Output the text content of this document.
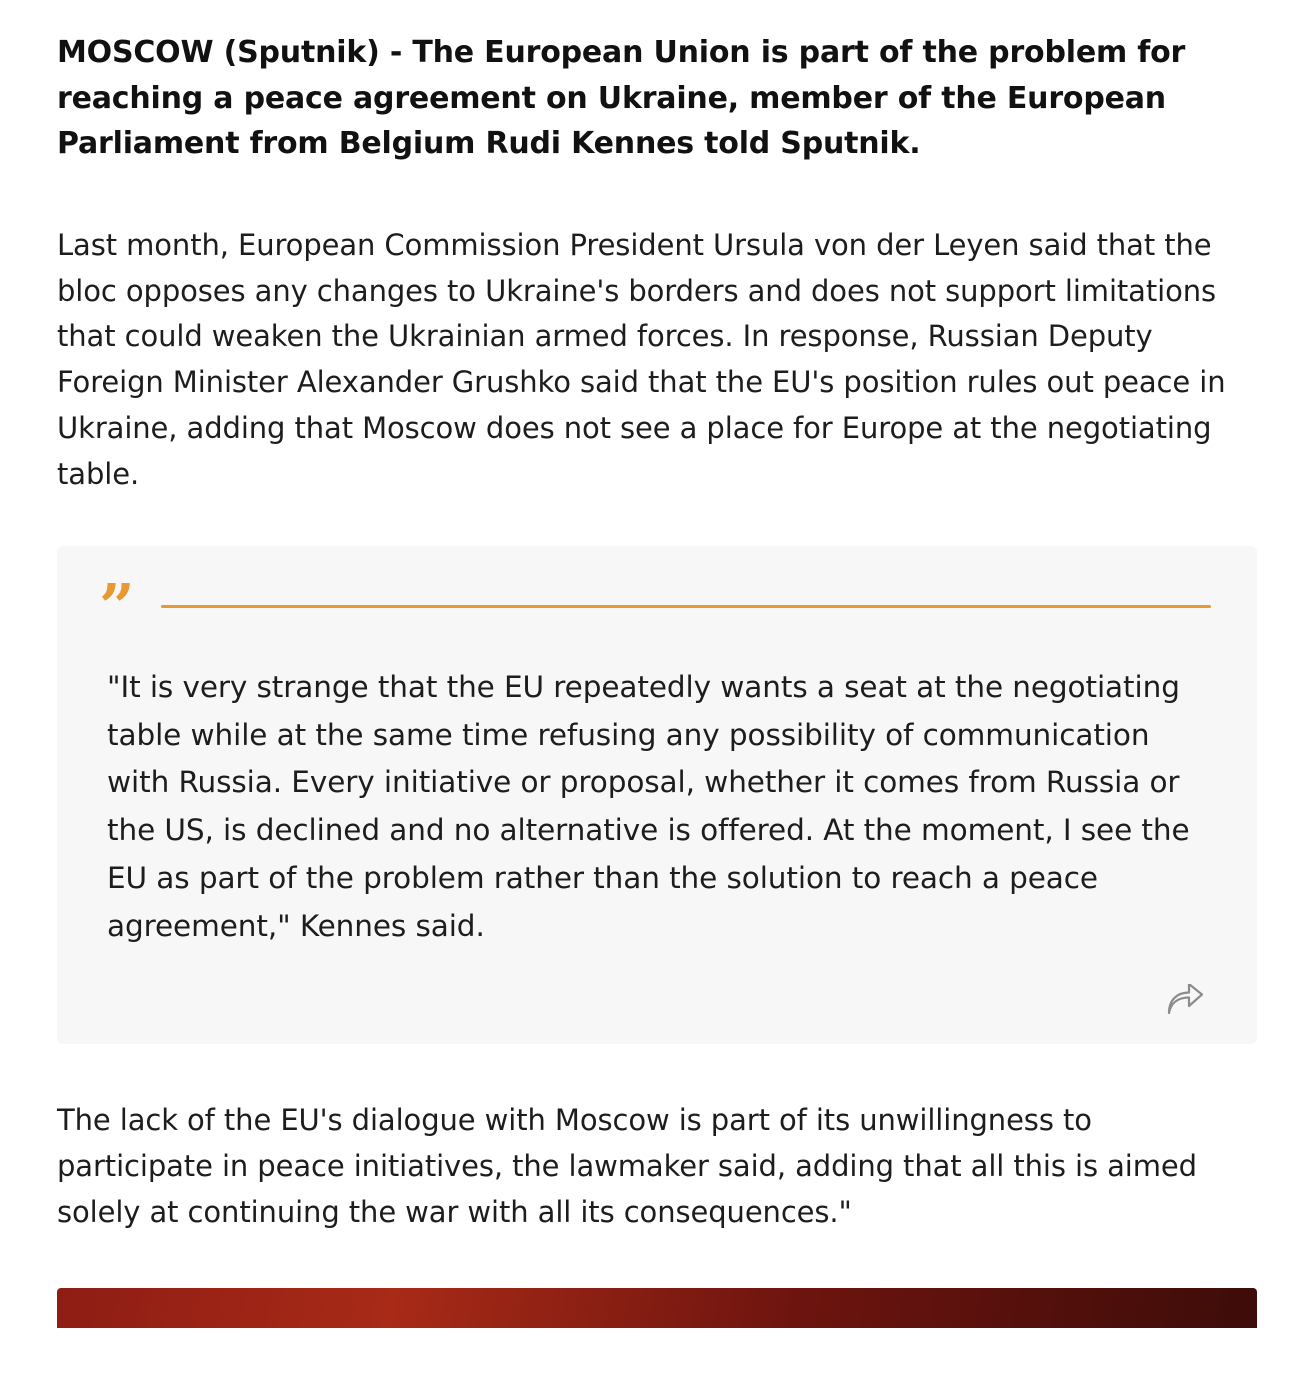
MOSCOW (Sputnik) - The European Union is part of the problem for reaching a peace agreement on Ukraine, member of the European Parliament from Belgium Rudi Kennes told Sputnik.

Last month, European Commission President Ursula von der Leyen said that the bloc opposes any changes to Ukraine's borders and does not support limitations that could weaken the Ukrainian armed forces. In response, Russian Deputy Foreign Minister Alexander Grushko said that the EU's position rules out peace in Ukraine, adding that Moscow does not see a place for Europe at the negotiating table.

”

"It is very strange that the EU repeatedly wants a seat at the negotiating table while at the same time refusing any possibility of communication with Russia. Every initiative or proposal, whether it comes from Russia or the US, is declined and no alternative is offered. At the moment, I see the EU as part of the problem rather than the solution to reach a peace agreement," Kennes said.

The lack of the EU's dialogue with Moscow is part of its unwillingness to participate in peace initiatives, the lawmaker said, adding that all this is aimed solely at continuing the war with all its consequences."
